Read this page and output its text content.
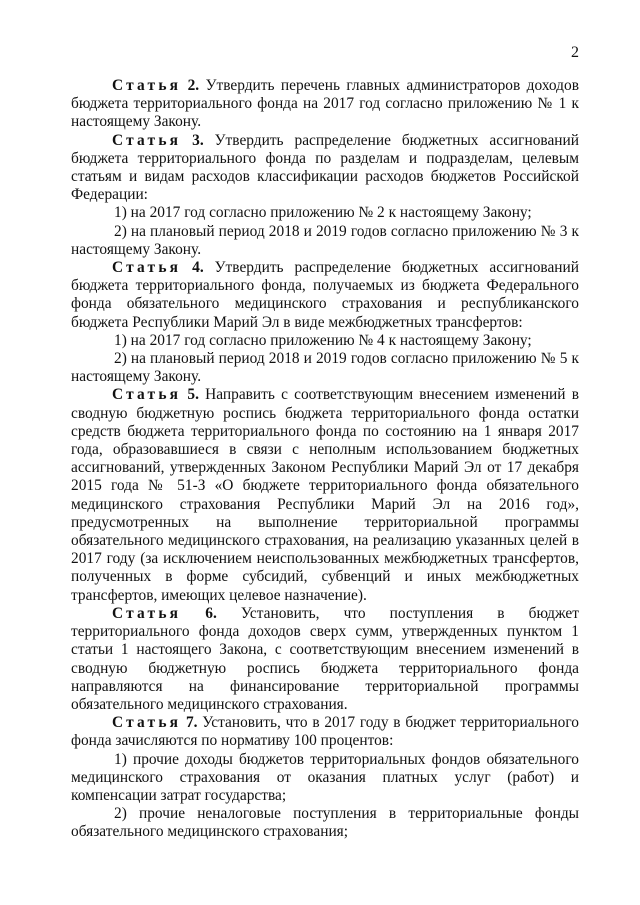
2

Статья 2. Утвердить перечень главных администраторов доходов бюджета территориального фонда на 2017 год согласно приложению № 1 к настоящему Закону.

Статья 3. Утвердить распределение бюджетных ассигнований бюджета территориального фонда по разделам и подразделам, целевым статьям и видам расходов классификации расходов бюджетов Российской Федерации:

1) на 2017 год согласно приложению № 2 к настоящему Закону;

2) на плановый период 2018 и 2019 годов согласно приложению № 3 к настоящему Закону.

Статья 4. Утвердить распределение бюджетных ассигнований бюджета территориального фонда, получаемых из бюджета Федерального фонда обязательного медицинского страхования и республиканского бюджета Республики Марий Эл в виде межбюджетных трансфертов:

1) на 2017 год согласно приложению № 4 к настоящему Закону;

2) на плановый период 2018 и 2019 годов согласно приложению № 5 к настоящему Закону.

Статья 5. Направить с соответствующим внесением изменений в сводную бюджетную роспись бюджета территориального фонда остатки средств бюджета территориального фонда по состоянию на 1 января 2017 года, образовавшиеся в связи с неполным использованием бюджетных ассигнований, утвержденных Законом Республики Марий Эл от 17 декабря 2015 года № 51-З «О бюджете территориального фонда обязательного медицинского страхования Республики Марий Эл на 2016 год», предусмотренных на выполнение территориальной программы обязательного медицинского страхования, на реализацию указанных целей в 2017 году (за исключением неиспользованных межбюджетных трансфертов, полученных в форме субсидий, субвенций и иных межбюджетных трансфертов, имеющих целевое назначение).

Статья 6. Установить, что поступления в бюджет территориального фонда доходов сверх сумм, утвержденных пунктом 1 статьи 1 настоящего Закона, с соответствующим внесением изменений в сводную бюджетную роспись бюджета территориального фонда направляются на финансирование территориальной программы обязательного медицинского страхования.

Статья 7. Установить, что в 2017 году в бюджет территориального фонда зачисляются по нормативу 100 процентов:

1) прочие доходы бюджетов территориальных фондов обязательного медицинского страхования от оказания платных услуг (работ) и компенсации затрат государства;

2) прочие неналоговые поступления в территориальные фонды обязательного медицинского страхования;
